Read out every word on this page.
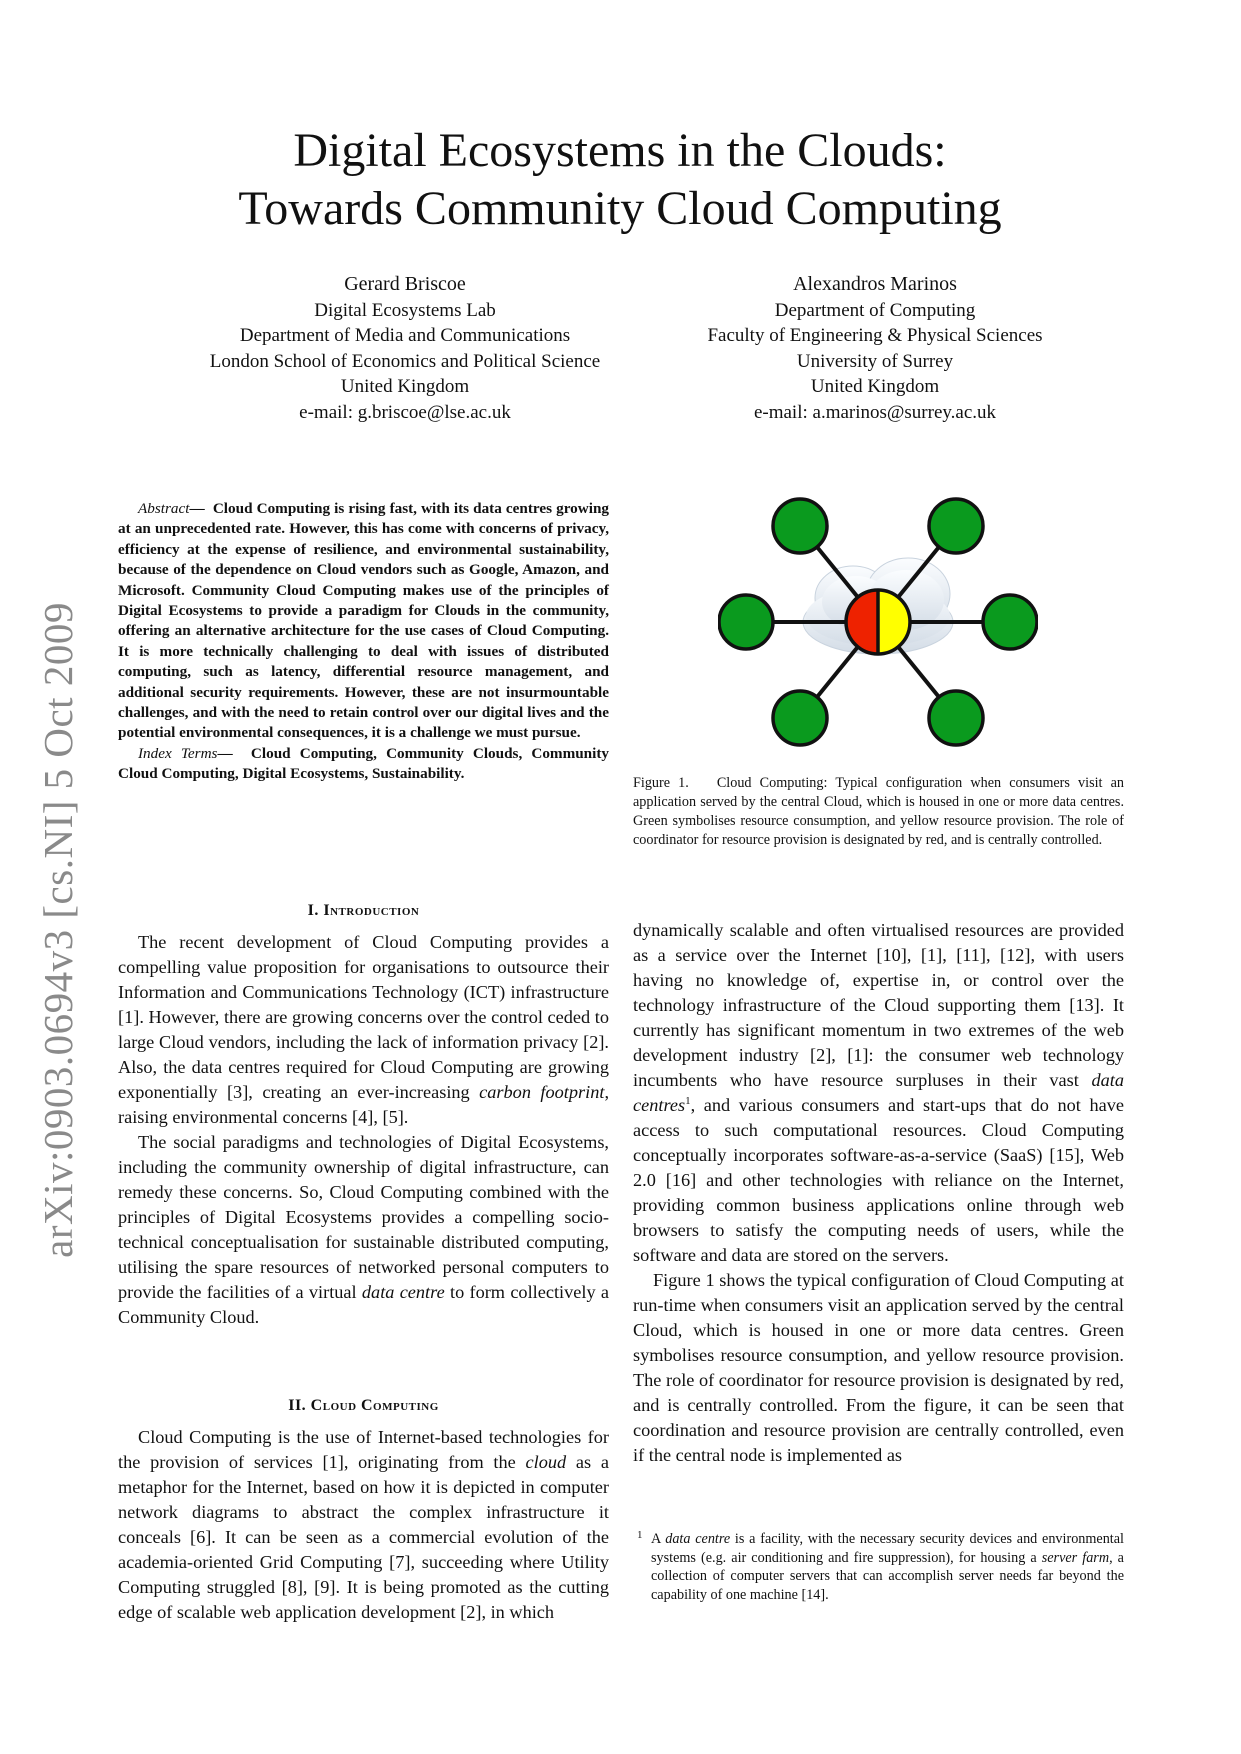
arXiv:0903.0694v3 [cs.NI] 5 Oct 2009
Digital Ecosystems in the Clouds:
Towards Community Cloud Computing
Gerard Briscoe
Digital Ecosystems Lab
Department of Media and Communications
London School of Economics and Political Science
United Kingdom
e-mail: g.briscoe@lse.ac.uk
Alexandros Marinos
Department of Computing
Faculty of Engineering & Physical Sciences
University of Surrey
United Kingdom
e-mail: a.marinos@surrey.ac.uk

Abstract— Cloud Computing is rising fast, with its data centres growing at an unprecedented rate. However, this has come with concerns of privacy, efficiency at the expense of resilience, and environmental sustainability, because of the dependence on Cloud vendors such as Google, Amazon, and Microsoft. Community Cloud Computing makes use of the principles of Digital Ecosystems to provide a paradigm for Clouds in the community, offering an alternative architecture for the use cases of Cloud Computing. It is more technically challenging to deal with issues of distributed computing, such as latency, differential resource management, and additional security requirements. However, these are not insurmountable challenges, and with the need to retain control over our digital lives and the potential environmental consequences, it is a challenge we must pursue.

Index Terms— Cloud Computing, Community Clouds, Community Cloud Computing, Digital Ecosystems, Sustainability.

Figure 1. Cloud Computing: Typical configuration when consumers visit an application served by the central Cloud, which is housed in one or more data centres. Green symbolises resource consumption, and yellow resource provision. The role of coordinator for resource provision is designated by red, and is centrally controlled.
I. Introduction

The recent development of Cloud Computing provides a compelling value proposition for organisations to outsource their Information and Communications Technology (ICT) infrastructure [1]. However, there are growing concerns over the control ceded to large Cloud vendors, including the lack of information privacy [2]. Also, the data centres required for Cloud Computing are growing exponentially [3], creating an ever-increasing carbon footprint, raising environmental concerns [4], [5].

The social paradigms and technologies of Digital Ecosystems, including the community ownership of digital infrastructure, can remedy these concerns. So, Cloud Computing combined with the principles of Digital Ecosystems provides a compelling socio-technical conceptualisation for sustainable distributed computing, utilising the spare resources of networked personal computers to provide the facilities of a virtual data centre to form collectively a Community Cloud.

II. Cloud Computing

Cloud Computing is the use of Internet-based technologies for the provision of services [1], originating from the cloud as a metaphor for the Internet, based on how it is depicted in computer network diagrams to abstract the complex infrastructure it conceals [6]. It can be seen as a commercial evolution of the academia-oriented Grid Computing [7], succeeding where Utility Computing struggled [8], [9]. It is being promoted as the cutting edge of scalable web application development [2], in which

dynamically scalable and often virtualised resources are provided as a service over the Internet [10], [1], [11], [12], with users having no knowledge of, expertise in, or control over the technology infrastructure of the Cloud supporting them [13]. It currently has significant momentum in two extremes of the web development industry [2], [1]: the consumer web technology incumbents who have resource surpluses in their vast data centres$^1$, and various consumers and start-ups that do not have access to such computational resources. Cloud Computing conceptually incorporates software-as-a-service (SaaS) [15], Web 2.0 [16] and other technologies with reliance on the Internet, providing common business applications online through web browsers to satisfy the computing needs of users, while the software and data are stored on the servers.

Figure 1 shows the typical configuration of Cloud Computing at run-time when consumers visit an application served by the central Cloud, which is housed in one or more data centres. Green symbolises resource consumption, and yellow resource provision. The role of coordinator for resource provision is designated by red, and is centrally controlled. From the figure, it can be seen that coordination and resource provision are centrally controlled, even if the central node is implemented as

1 A data centre is a facility, with the necessary security devices and environmental systems (e.g. air conditioning and fire suppression), for housing a server farm, a collection of computer servers that can accomplish server needs far beyond the capability of one machine [14].
